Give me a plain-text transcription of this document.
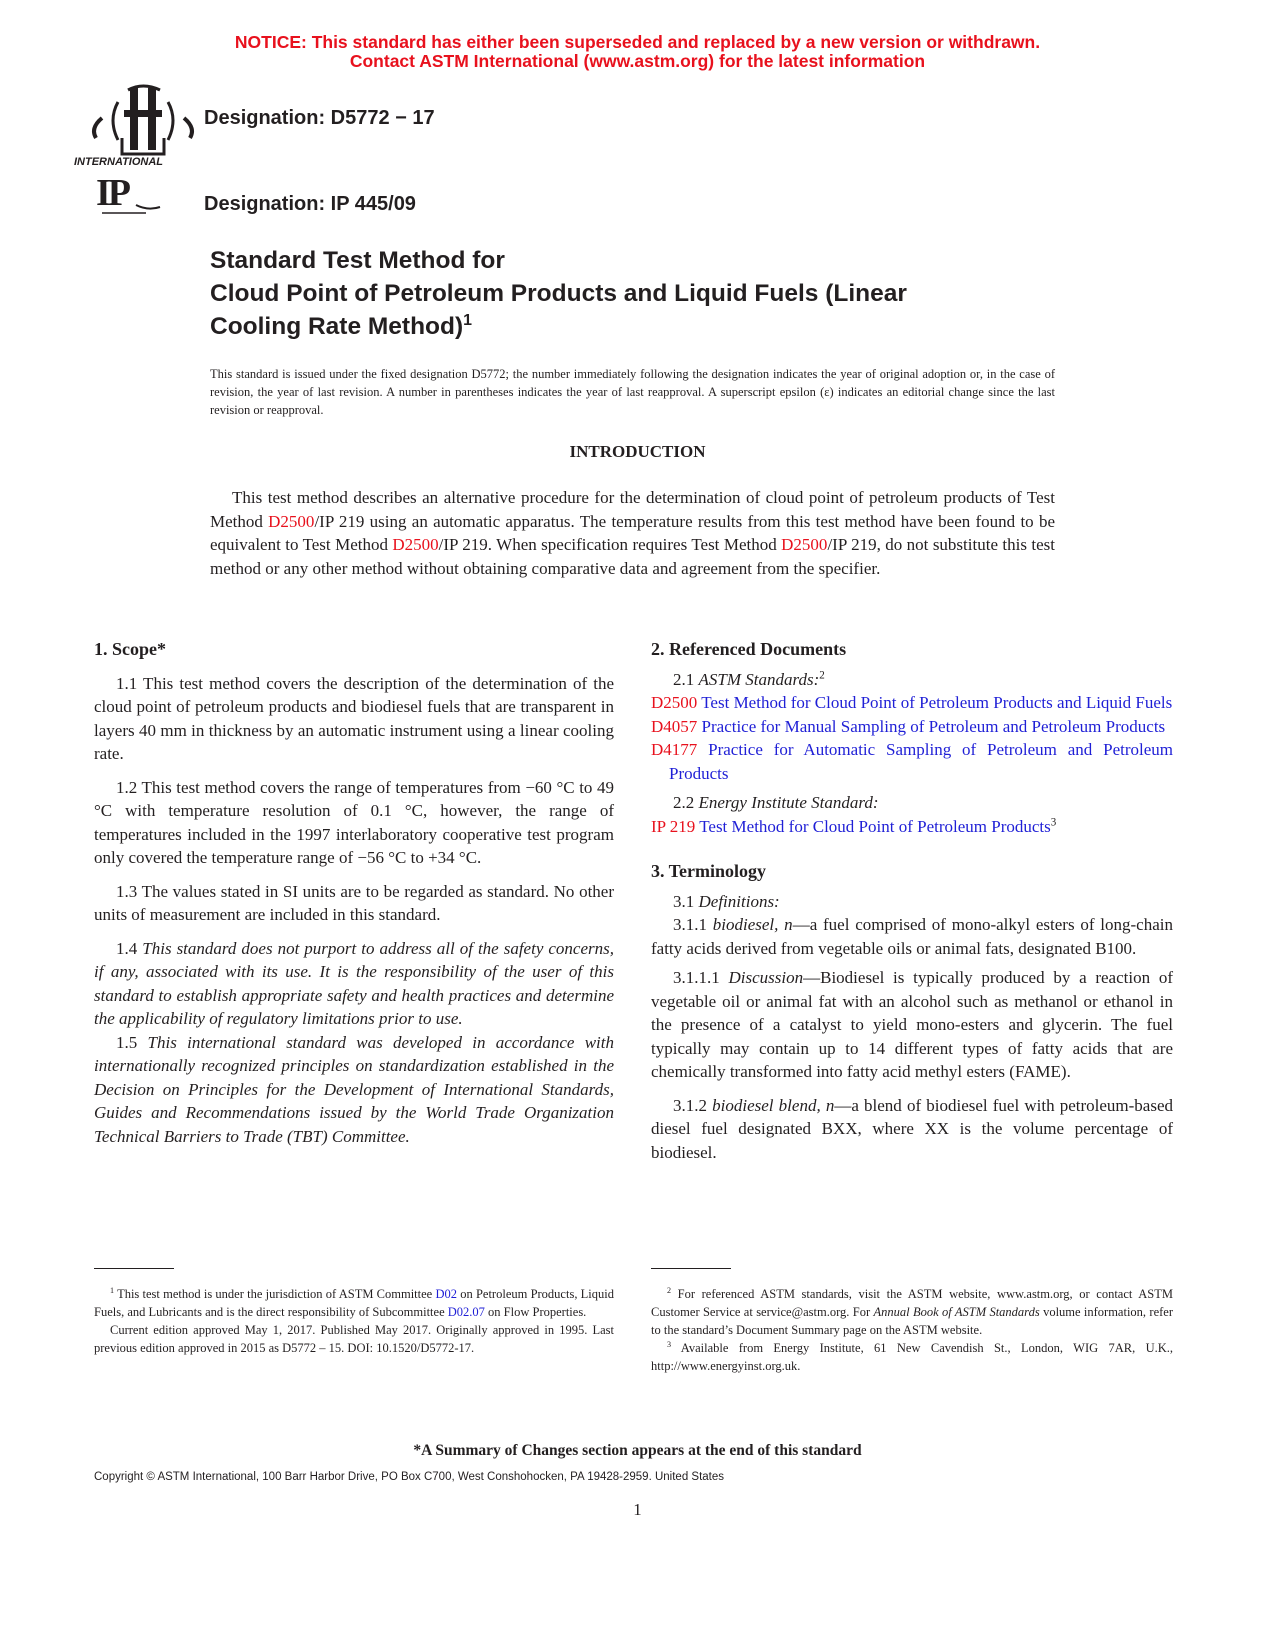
NOTICE: This standard has either been superseded and replaced by a new version or withdrawn.
Contact ASTM International (www.astm.org) for the latest information
INTERNATIONAL
Designation: D5772 − 17
IP	Designation: IP 445/09
Standard Test Method for
Cloud Point of Petroleum Products and Liquid Fuels (Linear
Cooling Rate Method)$^1$
This standard is issued under the fixed designation D5772; the number immediately following the designation indicates the year of original adoption or, in the case of revision, the year of last revision. A number in parentheses indicates the year of last reapproval. A superscript epsilon (ε) indicates an editorial change since the last revision or reapproval.
INTRODUCTION
This test method describes an alternative procedure for the determination of cloud point of petroleum products of Test Method D2500/IP 219 using an automatic apparatus. The temperature results from this test method have been found to be equivalent to Test Method D2500/IP 219. When specification requires Test Method D2500/IP 219, do not substitute this test method or any other method without obtaining comparative data and agreement from the specifier.
1. Scope*

1.1 This test method covers the description of the determination of the cloud point of petroleum products and biodiesel fuels that are transparent in layers 40 mm in thickness by an automatic instrument using a linear cooling rate.

1.2 This test method covers the range of temperatures from −60 °C to 49 °C with temperature resolution of 0.1 °C, however, the range of temperatures included in the 1997 interlaboratory cooperative test program only covered the temperature range of −56 °C to +34 °C.

1.3 The values stated in SI units are to be regarded as standard. No other units of measurement are included in this standard.

1.4 This standard does not purport to address all of the safety concerns, if any, associated with its use. It is the responsibility of the user of this standard to establish appropriate safety and health practices and determine the applicability of regulatory limitations prior to use.

1.5 This international standard was developed in accordance with internationally recognized principles on standardization established in the Decision on Principles for the Development of International Standards, Guides and Recommendations issued by the World Trade Organization Technical Barriers to Trade (TBT) Committee.

2. Referenced Documents

2.1 ASTM Standards:$^2$

D2500 Test Method for Cloud Point of Petroleum Products and Liquid Fuels
D4057 Practice for Manual Sampling of Petroleum and Petroleum Products
D4177 Practice for Automatic Sampling of Petroleum and Petroleum Products

2.2 Energy Institute Standard:

IP 219 Test Method for Cloud Point of Petroleum Products$^3$
3. Terminology

3.1 Definitions:

3.1.1 biodiesel, n—a fuel comprised of mono-alkyl esters of long-chain fatty acids derived from vegetable oils or animal fats, designated B100.

3.1.1.1 Discussion—Biodiesel is typically produced by a reaction of vegetable oil or animal fat with an alcohol such as methanol or ethanol in the presence of a catalyst to yield mono-esters and glycerin. The fuel typically may contain up to 14 different types of fatty acids that are chemically transformed into fatty acid methyl esters (FAME).

3.1.2 biodiesel blend, n—a blend of biodiesel fuel with petroleum-based diesel fuel designated BXX, where XX is the volume percentage of biodiesel.

$^1$ This test method is under the jurisdiction of ASTM Committee D02 on Petroleum Products, Liquid Fuels, and Lubricants and is the direct responsibility of Subcommittee D02.07 on Flow Properties.

Current edition approved May 1, 2017. Published May 2017. Originally approved in 1995. Last previous edition approved in 2015 as D5772 – 15. DOI: 10.1520/D5772-17.

$^2$ For referenced ASTM standards, visit the ASTM website, www.astm.org, or contact ASTM Customer Service at service@astm.org. For Annual Book of ASTM Standards volume information, refer to the standard’s Document Summary page on the ASTM website.

$^3$ Available from Energy Institute, 61 New Cavendish St., London, WIG 7AR, U.K., http://www.energyinst.org.uk.

*A Summary of Changes section appears at the end of this standard
Copyright © ASTM International, 100 Barr Harbor Drive, PO Box C700, West Conshohocken, PA 19428-2959. United States
1
